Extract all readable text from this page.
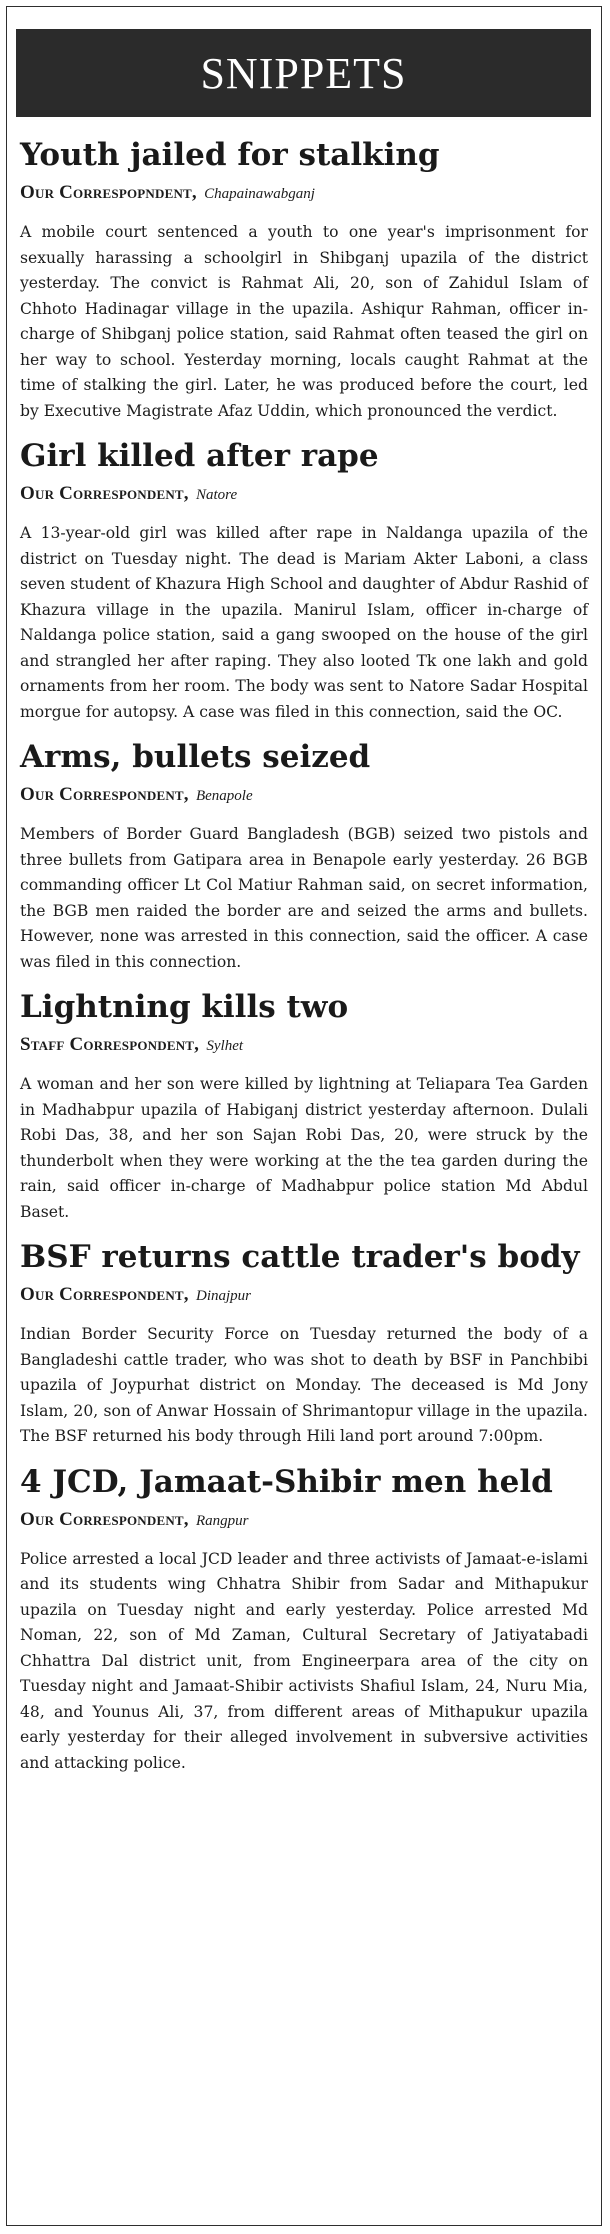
SNIPPETS
Youth jailed for stalking
Our Correspopndent, Chapainawabganj

A mobile court sentenced a youth to one year's imprisonment for sexually harassing a schoolgirl in Shibganj upazila of the district yesterday. The convict is Rahmat Ali, 20, son of Zahidul Islam of Chhoto Hadinagar village in the upazila. Ashiqur Rahman, officer in-charge of Shibganj police station, said Rahmat often teased the girl on her way to school. Yesterday morning, locals caught Rahmat at the time of stalking the girl. Later, he was produced before the court, led by Executive Magistrate Afaz Uddin, which pronounced the verdict.

Girl killed after rape
Our Correspondent, Natore

A 13-year-old girl was killed after rape in Naldanga upazila of the district on Tuesday night. The dead is Mariam Akter Laboni, a class seven student of Khazura High School and daughter of Abdur Rashid of Khazura village in the upazila. Manirul Islam, officer in-charge of Naldanga police station, said a gang swooped on the house of the girl and strangled her after raping. They also looted Tk one lakh and gold ornaments from her room. The body was sent to Natore Sadar Hospital morgue for autopsy. A case was filed in this connection, said the OC.

Arms, bullets seized
Our Correspondent, Benapole

Members of Border Guard Bangladesh (BGB) seized two pistols and three bullets from Gatipara area in Benapole early yesterday. 26 BGB commanding officer Lt Col Matiur Rahman said, on secret information, the BGB men raided the border are and seized the arms and bullets. However, none was arrested in this connection, said the officer. A case was filed in this connection.

Lightning kills two
Staff Correspondent, Sylhet

A woman and her son were killed by lightning at Teliapara Tea Garden in Madhabpur upazila of Habiganj district yesterday afternoon. Dulali Robi Das, 38, and her son Sajan Robi Das, 20, were struck by the thunderbolt when they were working at the the tea garden during the rain, said officer in-charge of Madhabpur police station Md Abdul Baset.

BSF returns cattle trader's body
Our Correspondent, Dinajpur

Indian Border Security Force on Tuesday returned the body of a Bangladeshi cattle trader, who was shot to death by BSF in Panchbibi upazila of Joypurhat district on Monday. The deceased is Md Jony Islam, 20, son of Anwar Hossain of Shrimantopur village in the upazila. The BSF returned his body through Hili land port around 7:00pm.

4 JCD, Jamaat-Shibir men held
Our Correspondent, Rangpur

Police arrested a local JCD leader and three activists of Jamaat-e-islami and its students wing Chhatra Shibir from Sadar and Mithapukur upazila on Tuesday night and early yesterday. Police arrested Md Noman, 22, son of Md Zaman, Cultural Secretary of Jatiyatabadi Chhattra Dal district unit, from Engineerpara area of the city on Tuesday night and Jamaat-Shibir activists Shafiul Islam, 24, Nuru Mia, 48, and Younus Ali, 37, from different areas of Mithapukur upazila early yesterday for their alleged involvement in subversive activities and attacking police.
